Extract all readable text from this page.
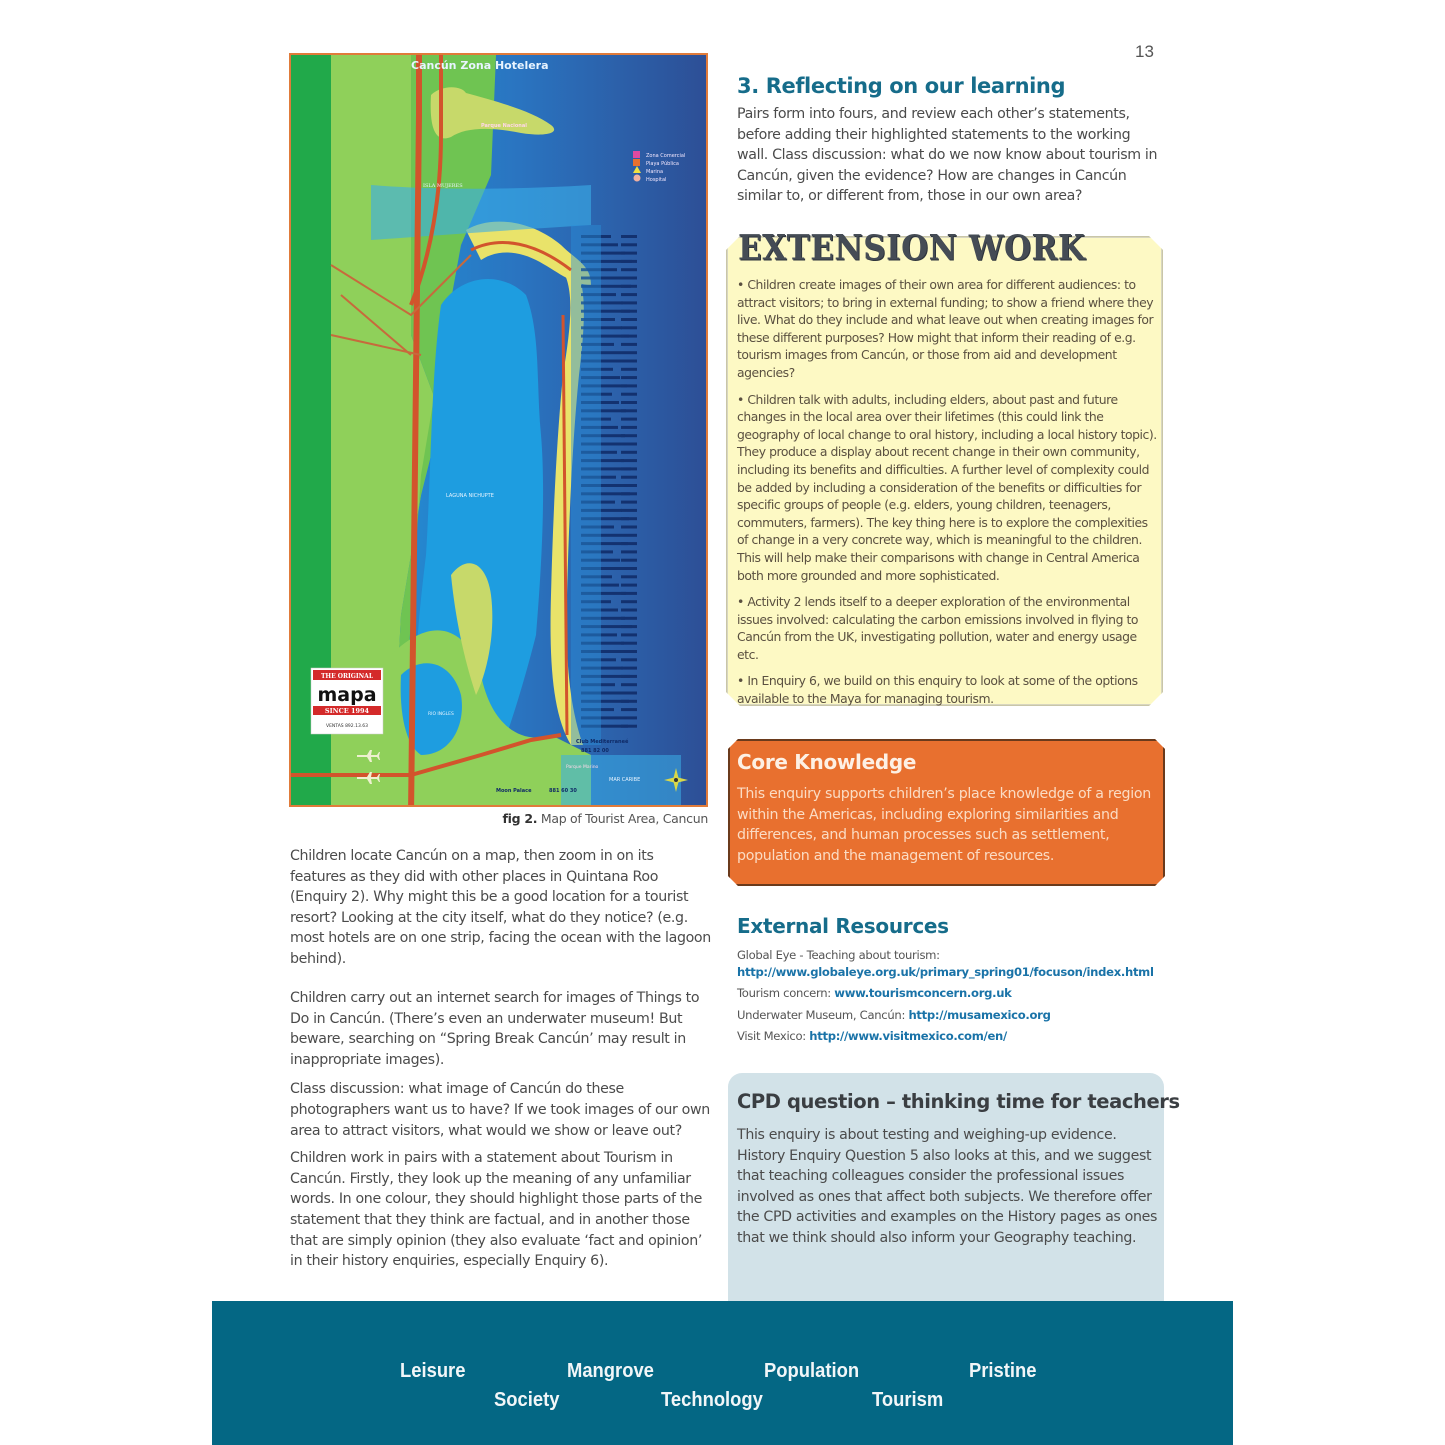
13
Cancún Zona Hotelera
Zona Comercial
Playa Pública
Marina
Hospital
LAGUNA NICHUPTE
MAR CARIBE
Parque Nacional
ISLA MUJERES
RIO INGLES
Parque Marino
Moon Palace	881 60 30
Club Mediterraneé
881 82 00
THE ORIGINAL
mapa
SINCE 1994
VENTAS 892.13.63
fig 2. Map of Tourist Area, Cancun

Children locate Cancún on a map, then zoom in on its features as they did with other places in Quintana Roo (Enquiry 2). Why might this be a good location for a tourist resort? Looking at the city itself, what do they notice? (e.g. most hotels are on one strip, facing the ocean with the lagoon behind).

Children carry out an internet search for images of Things to Do in Cancún. (There’s even an underwater museum! But beware, searching on “Spring Break Cancún’ may result in inappropriate images).

Class discussion: what image of Cancún do these photographers want us to have? If we took images of our own area to attract visitors, what would we show or leave out?

Children work in pairs with a statement about Tourism in Cancún. Firstly, they look up the meaning of any unfamiliar words. In one colour, they should highlight those parts of the statement that they think are factual, and in another those that are simply opinion (they also evaluate ‘fact and opinion’ in their history enquiries, especially Enquiry 6).

3. Reflecting on our learning
Pairs form into fours, and review each other’s statements, before adding their highlighted statements to the working wall. Class discussion: what do we now know about tourism in Cancún, given the evidence? How are changes in Cancún similar to, or different from, those in our own area?
EXTENSION WORK

• Children create images of their own area for different audiences: to attract visitors; to bring in external funding; to show a friend where they live. What do they include and what leave out when creating images for these different purposes? How might that inform their reading of e.g. tourism images from Cancún, or those from aid and development agencies?

• Children talk with adults, including elders, about past and future changes in the local area over their lifetimes (this could link the geography of local change to oral history, including a local history topic). They produce a display about recent change in their own community, including its benefits and difficulties. A further level of complexity could be added by including a consideration of the benefits or difficulties for specific groups of people (e.g. elders, young children, teenagers, commuters, farmers). The key thing here is to explore the complexities of change in a very concrete way, which is meaningful to the children. This will help make their comparisons with change in Central America both more grounded and more sophisticated.

• Activity 2 lends itself to a deeper exploration of the environmental issues involved: calculating the carbon emissions involved in flying to Cancún from the UK, investigating pollution, water and energy usage etc.

• In Enquiry 6, we build on this enquiry to look at some of the options available to the Maya for managing tourism.

Core Knowledge
This enquiry supports children’s place knowledge of a region within the Americas, including exploring similarities and differences, and human processes such as settlement, population and the management of resources.
External Resources
Global Eye - Teaching about tourism:
http://www.globaleye.org.uk/primary_spring01/focuson/index.html
Tourism concern: www.tourismconcern.org.uk
Underwater Museum, Cancún: http://musamexico.org
Visit Mexico: http://www.visitmexico.com/en/
CPD question – thinking time for teachers
This enquiry is about testing and weighing-up evidence. History Enquiry Question 5 also looks at this, and we suggest that teaching colleagues consider the professional issues involved as ones that affect both subjects. We therefore offer the CPD activities and examples on the History pages as ones that we think should also inform your Geography teaching.
Leisure	Mangrove	Population	Pristine
Society	Technology	Tourism
